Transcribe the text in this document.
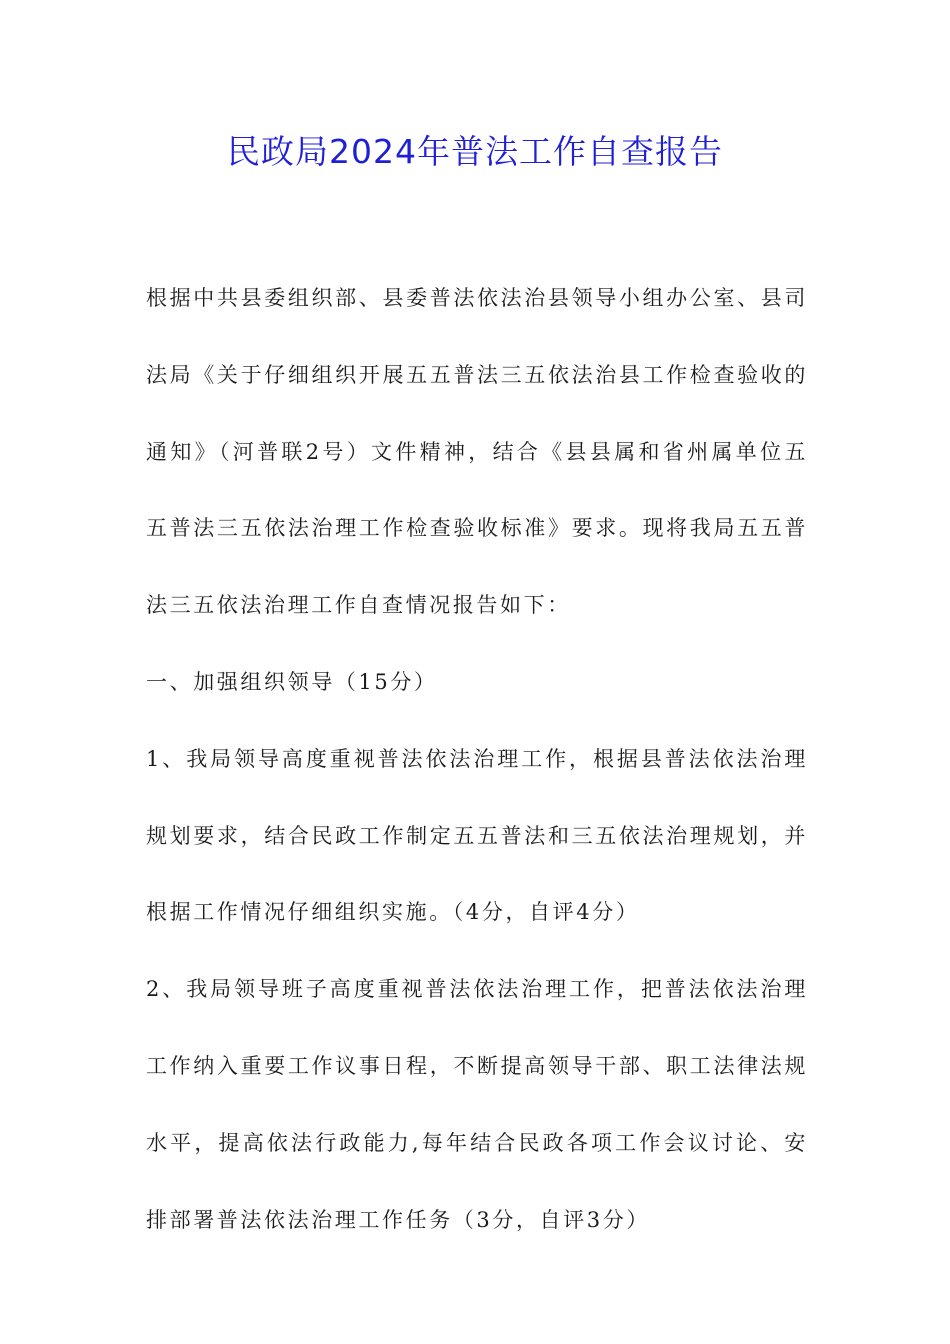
民政局2024年普法工作自查报告

根据中共县委组织部、县委普法依法治县领导小组办公室、县司法局《关于仔细组织开展五五普法三五依法治县工作检查验收的通知》（河普联2号）文件精神，结合《县县属和省州属单位五五普法三五依法治理工作检查验收标准》要求。现将我局五五普法三五依法治理工作自查情况报告如下：

一、加强组织领导（15分）

1、我局领导高度重视普法依法治理工作，根据县普法依法治理规划要求，结合民政工作制定五五普法和三五依法治理规划，并根据工作情况仔细组织实施。（4分，自评4分）

2、我局领导班子高度重视普法依法治理工作，把普法依法治理工作纳入重要工作议事日程，不断提高领导干部、职工法律法规水平，提高依法行政能力,每年结合民政各项工作会议讨论、安排部署普法依法治理工作任务（3分，自评3分）
